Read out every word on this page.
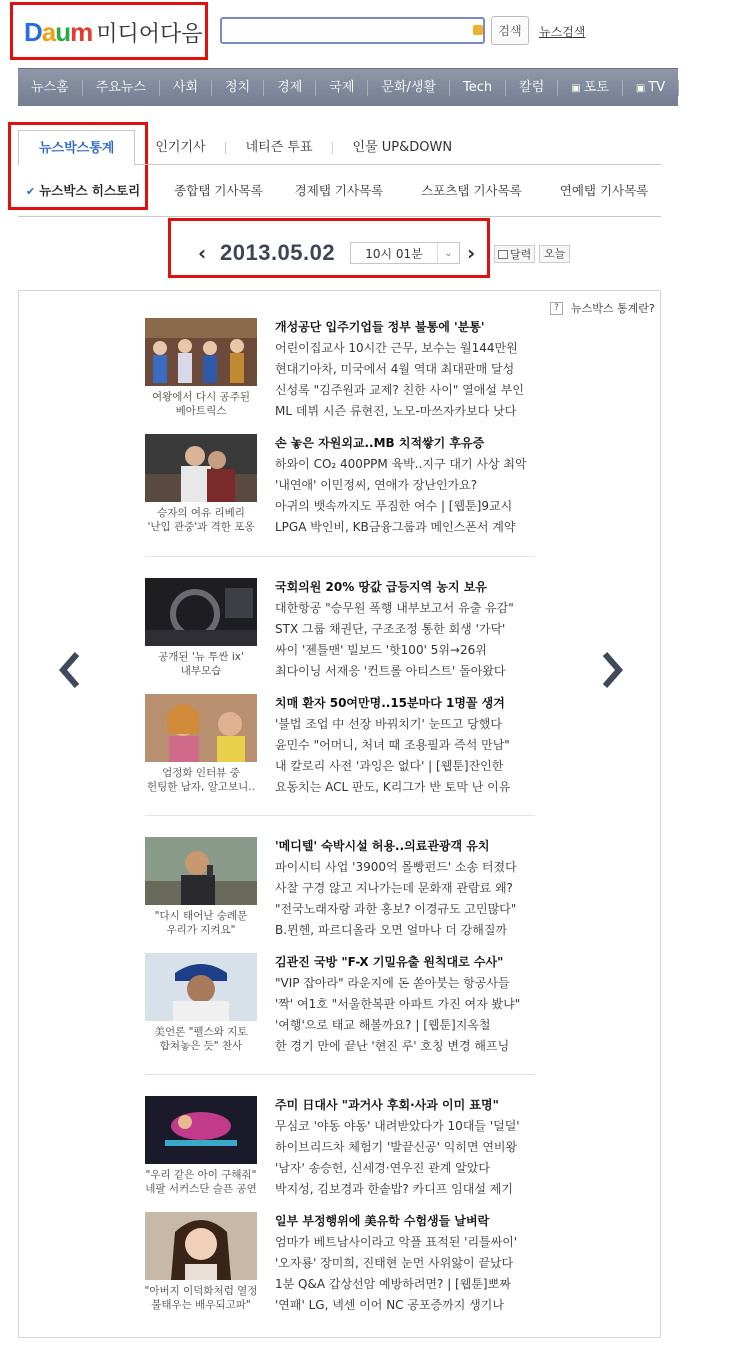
Daum 미디어다음	검색	뉴스검색
뉴스홈	주요뉴스	사회	정치	경제	국제	문화/생활	Tech	칼럼	▣ 포토	▣ TV	■ 매거
뉴스박스통계	인기기사	네티즌 투표	인물 UP&DOWN
✔ 뉴스박스 히스토리	종합탭 기사목록	경제탭 기사목록	스포츠탭 기사목록	연예탭 기사목록
‹ 2013.05.02	10시 01분	⌄ ›	달력	오늘
?	뉴스박스 통계란?
여왕에서 다시 공주된
베아트릭스
개성공단 입주기업들 정부 불통에 '분통'
어린이집교사 10시간 근무, 보수는 월144만원
현대기아차, 미국에서 4월 역대 최대판매 달성
신성록 "김주원과 교제? 친한 사이" 열애설 부인
ML 데뷔 시즌 류현진, 노모-마쓰자카보다 낫다
승자의 여유 리베리
'난입 관중'과 격한 포옹
손 놓은 자원외교..MB 치적쌓기 후유증
하와이 CO₂ 400PPM 육박..지구 대기 사상 최악
'내연애' 이민정씨, 연애가 장난인가요?
아귀의 뱃속까지도 푸짐한 여수 | [웹툰]9교시
LPGA 박인비, KB금융그룹과 메인스폰서 계약
공개된 '뉴 투싼 ix'
내부모습
국회의원 20% 땅값 급등지역 농지 보유
대한항공 "승무원 폭행 내부보고서 유출 유감"
STX 그룹 채권단, 구조조정 통한 회생 '가닥'
싸이 '젠틀맨' 빌보드 '핫100' 5위→26위
최다이닝 서재응 '컨트롤 아티스트' 돌아왔다
엄정화 인터뷰 중
헌팅한 남자, 알고보니..
치매 환자 50여만명..15분마다 1명꼴 생겨
'불법 조업 中 선장 바꿔치기' 눈뜨고 당했다
윤민수 "어머니, 처녀 때 조용필과 즉석 만남"
내 칼로리 사전 '과잉은 없다' | [웹툰]잔인한
요동치는 ACL 판도, K리그가 반 토막 난 이유
"다시 태어난 숭례문
우리가 지켜요"
'메디텔' 숙박시설 허용..의료관광객 유치
파이시티 사업 '3900억 몰빵펀드' 소송 터졌다
사찰 구경 않고 지나가는데 문화재 관람료 왜?
"전국노래자랑 과한 홍보? 이경규도 고민많다"
B.뮌헨, 파르디올라 오면 얼마나 더 강해질까
美언론 "펠스와 지토
합쳐놓은 듯" 찬사
김관진 국방 "F-X 기밀유출 원칙대로 수사"
"VIP 잡아라" 라운지에 돈 쏟아붓는 항공사들
'짝' 여1호 "서울한복판 아파트 가진 여자 봤냐"
'여행'으로 태교 해볼까요? | [웹툰]지옥철
한 경기 만에 끝난 '현진 루' 호칭 변경 해프닝
"우리 같은 아이 구해줘"
네팔 서커스단 슬픈 공연
주미 日대사 "과거사 후회·사과 이미 표명"
무심코 '야동 야동' 내려받았다가 10대들 '덜덜'
하이브리드차 체험기 '발끝신공' 익히면 연비왕
'남자' 송승헌, 신세경·연우진 관계 알았다
박지성, 김보경과 한솥밥? 카디프 임대설 제기
"아버지 이덕화처럼 열정
불태우는 배우되고파"
일부 부정행위에 美유학 수험생들 날벼락
엄마가 베트남사이라고 악플 표적된 '리틀싸이'
'오자룡' 장미희, 진태현 눈먼 사위앓이 끝났다
1분 Q&A 갑상선암 예방하려면? | [웹툰]뽀짜
'연패' LG, 넥센 이어 NC 공포증까지 생기나
